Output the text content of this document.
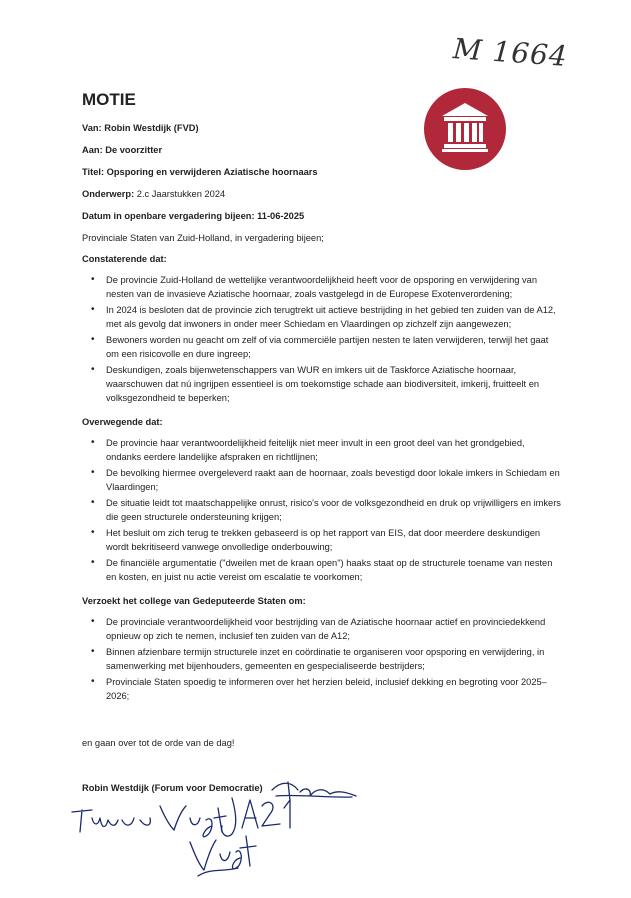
M 1664
MOTIE
Van: Robin Westdijk (FVD)
Aan: De voorzitter
Titel: Opsporing en verwijderen Aziatische hoornaars
Onderwerp: 2.c Jaarstukken 2024
Datum in openbare vergadering bijeen: 11-06-2025
Provinciale Staten van Zuid-Holland, in vergadering bijeen;
Constaterende dat:
• De provincie Zuid-Holland de wettelijke verantwoordelijkheid heeft voor de opsporing en verwijdering van nesten van de invasieve Aziatische hoornaar, zoals vastgelegd in de Europese Exotenverordening;
• In 2024 is besloten dat de provincie zich terugtrekt uit actieve bestrijding in het gebied ten zuiden van de A12, met als gevolg dat inwoners in onder meer Schiedam en Vlaardingen op zichzelf zijn aangewezen;
• Bewoners worden nu geacht om zelf of via commerciële partijen nesten te laten verwijderen, terwijl het gaat om een risicovolle en dure ingreep;
• Deskundigen, zoals bijenwetenschappers van WUR en imkers uit de Taskforce Aziatische hoornaar, waarschuwen dat nú ingrijpen essentieel is om toekomstige schade aan biodiversiteit, imkerij, fruitteelt en volksgezondheid te beperken;
Overwegende dat:
• De provincie haar verantwoordelijkheid feitelijk niet meer invult in een groot deel van het grondgebied, ondanks eerdere landelijke afspraken en richtlijnen;
• De bevolking hiermee overgeleverd raakt aan de hoornaar, zoals bevestigd door lokale imkers in Schiedam en Vlaardingen;
• De situatie leidt tot maatschappelijke onrust, risico's voor de volksgezondheid en druk op vrijwilligers en imkers die geen structurele ondersteuning krijgen;
• Het besluit om zich terug te trekken gebaseerd is op het rapport van EIS, dat door meerdere deskundigen wordt bekritiseerd vanwege onvolledige onderbouwing;
• De financiële argumentatie ("dweilen met de kraan open") haaks staat op de structurele toename van nesten en kosten, en juist nu actie vereist om escalatie te voorkomen;
Verzoekt het college van Gedeputeerde Staten om:
• De provinciale verantwoordelijkheid voor bestrijding van de Aziatische hoornaar actief en provinciedekkend opnieuw op zich te nemen, inclusief ten zuiden van de A12;
• Binnen afzienbare termijn structurele inzet en coördinatie te organiseren voor opsporing en verwijdering, in samenwerking met bijenhouders, gemeenten en gespecialiseerde bestrijders;
• Provinciale Staten spoedig te informeren over het herzien beleid, inclusief dekking en begroting voor 2025–2026;
en gaan over tot de orde van de dag!
Robin Westdijk (Forum voor Democratie)
